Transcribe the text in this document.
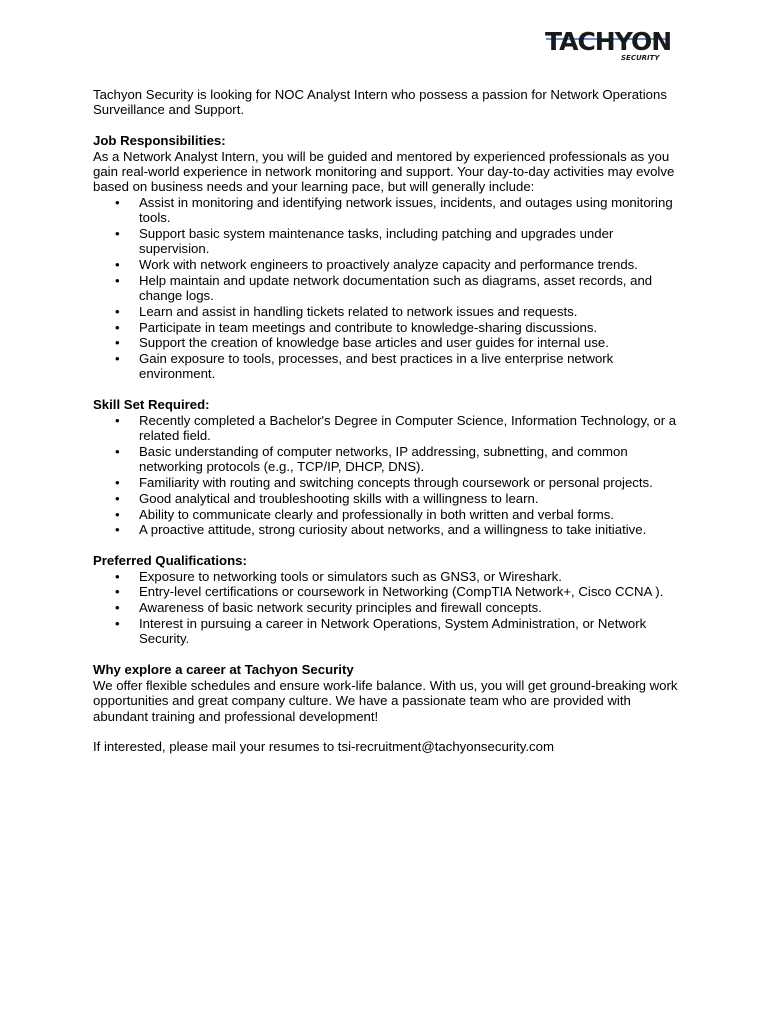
TACHYON
SECURITY

Tachyon Security is looking for NOC Analyst Intern who possess a passion for Network Operations Surveillance and Support.

Job Responsibilities:

As a Network Analyst Intern, you will be guided and mentored by experienced professionals as you gain real-world experience in network monitoring and support. Your day-to-day activities may evolve based on business needs and your learning pace, but will generally include:

• Assist in monitoring and identifying network issues, incidents, and outages using monitoring tools.
• Support basic system maintenance tasks, including patching and upgrades under supervision.
• Work with network engineers to proactively analyze capacity and performance trends.
• Help maintain and update network documentation such as diagrams, asset records, and change logs.
• Learn and assist in handling tickets related to network issues and requests.
• Participate in team meetings and contribute to knowledge-sharing discussions.
• Support the creation of knowledge base articles and user guides for internal use.
• Gain exposure to tools, processes, and best practices in a live enterprise network environment.

Skill Set Required:

• Recently completed a Bachelor's Degree in Computer Science, Information Technology, or a related field.
• Basic understanding of computer networks, IP addressing, subnetting, and common networking protocols (e.g., TCP/IP, DHCP, DNS).
• Familiarity with routing and switching concepts through coursework or personal projects.
• Good analytical and troubleshooting skills with a willingness to learn.
• Ability to communicate clearly and professionally in both written and verbal forms.
• A proactive attitude, strong curiosity about networks, and a willingness to take initiative.

Preferred Qualifications:

• Exposure to networking tools or simulators such as GNS3, or Wireshark.
• Entry-level certifications or coursework in Networking (CompTIA Network+, Cisco CCNA ).
• Awareness of basic network security principles and firewall concepts.
• Interest in pursuing a career in Network Operations, System Administration, or Network Security.

Why explore a career at Tachyon Security

We offer flexible schedules and ensure work-life balance. With us, you will get ground-breaking work opportunities and great company culture. We have a passionate team who are provided with abundant training and professional development!

If interested, please mail your resumes to tsi-recruitment@tachyonsecurity.com
